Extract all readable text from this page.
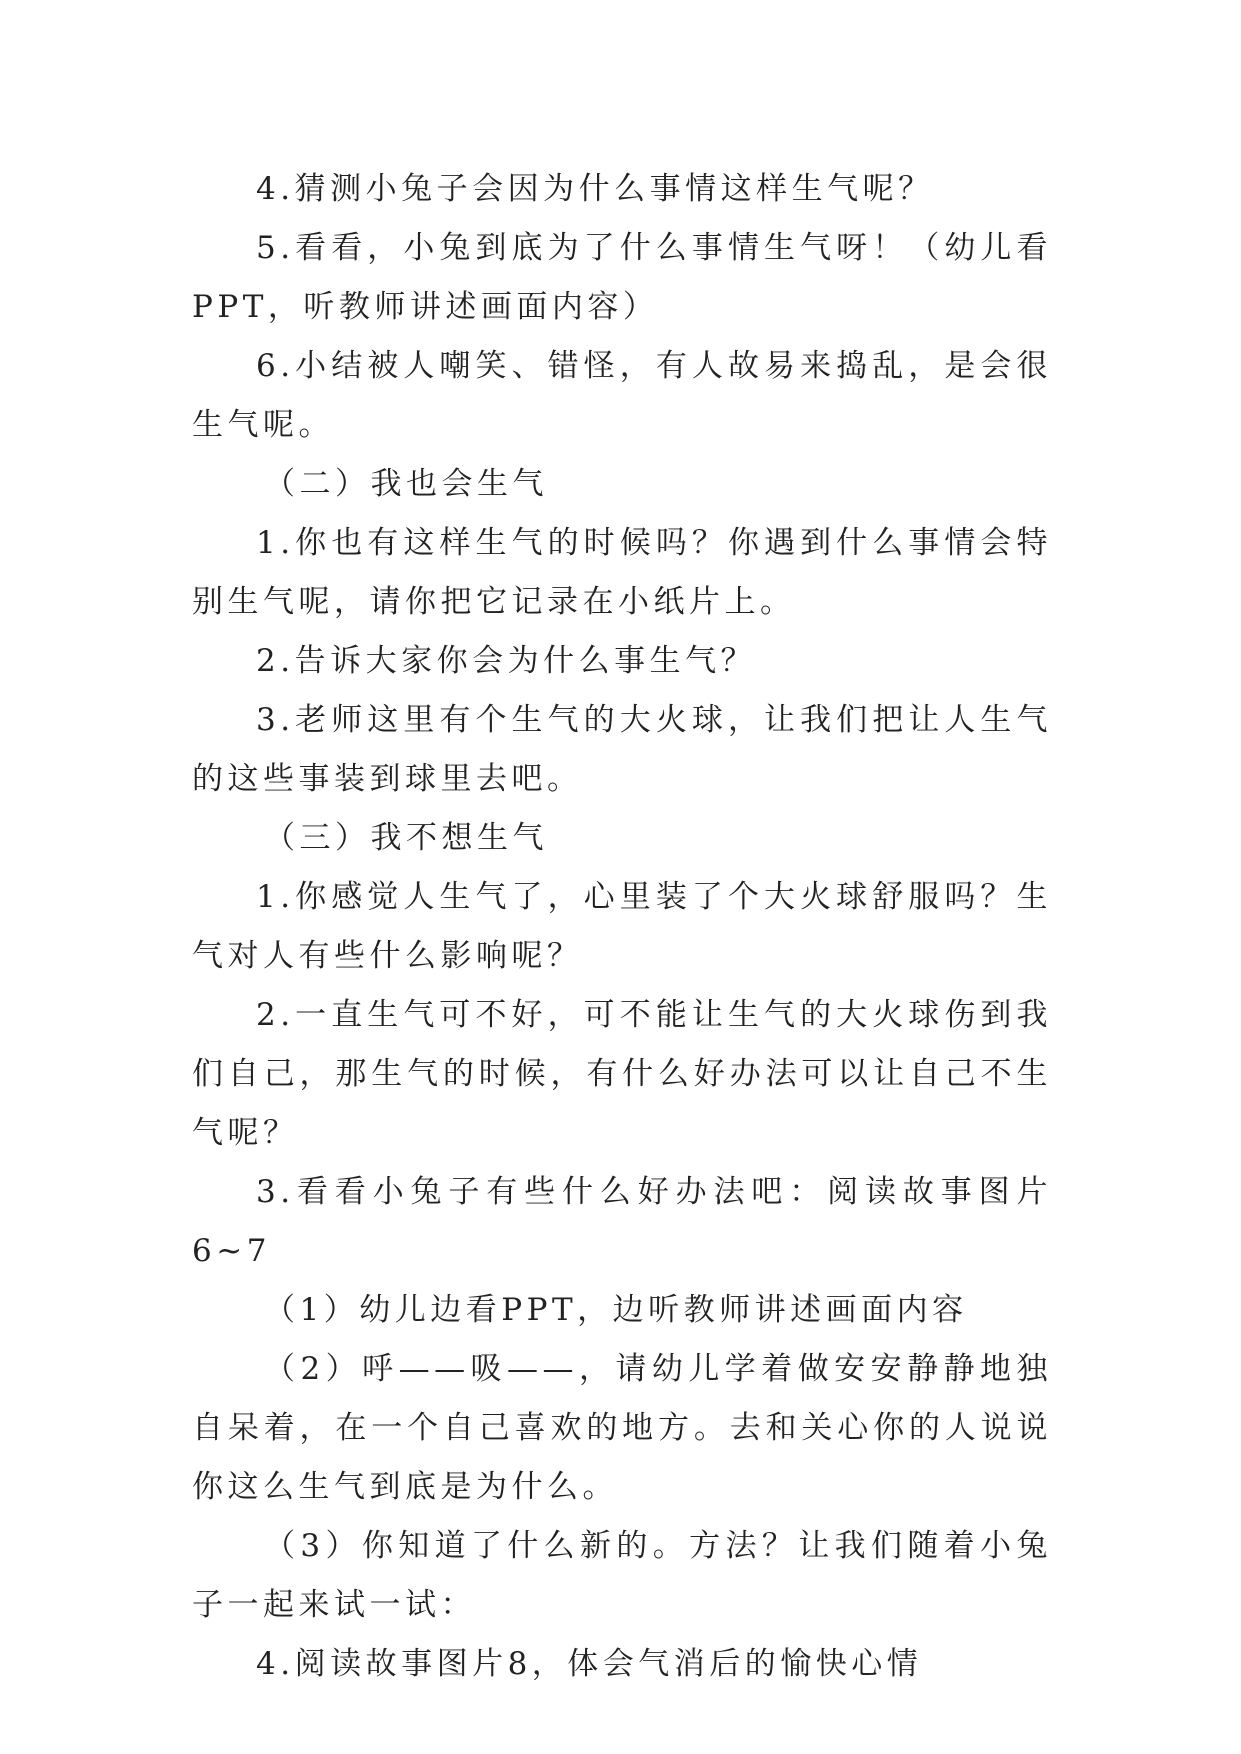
4.猜测小兔子会因为什么事情这样生气呢？

5.看看，小兔到底为了什么事情生气呀！（幼儿看PPT，听教师讲述画面内容）

6.小结被人嘲笑、错怪，有人故易来捣乱，是会很生气呢。

（二）我也会生气

1.你也有这样生气的时候吗？你遇到什么事情会特别生气呢，请你把它记录在小纸片上。

2.告诉大家你会为什么事生气？

3.老师这里有个生气的大火球，让我们把让人生气的这些事装到球里去吧。

（三）我不想生气

1.你感觉人生气了，心里装了个大火球舒服吗？生气对人有些什么影响呢？

2.一直生气可不好，可不能让生气的大火球伤到我们自己，那生气的时候，有什么好办法可以让自己不生气呢？

3.看看小兔子有些什么好办法吧：阅读故事图片6~7

（1）幼儿边看PPT，边听教师讲述画面内容

（2）呼——吸——，请幼儿学着做安安静静地独自呆着，在一个自己喜欢的地方。去和关心你的人说说你这么生气到底是为什么。

（3）你知道了什么新的。方法？让我们随着小兔子一起来试一试：

4.阅读故事图片8，体会气消后的愉快心情
